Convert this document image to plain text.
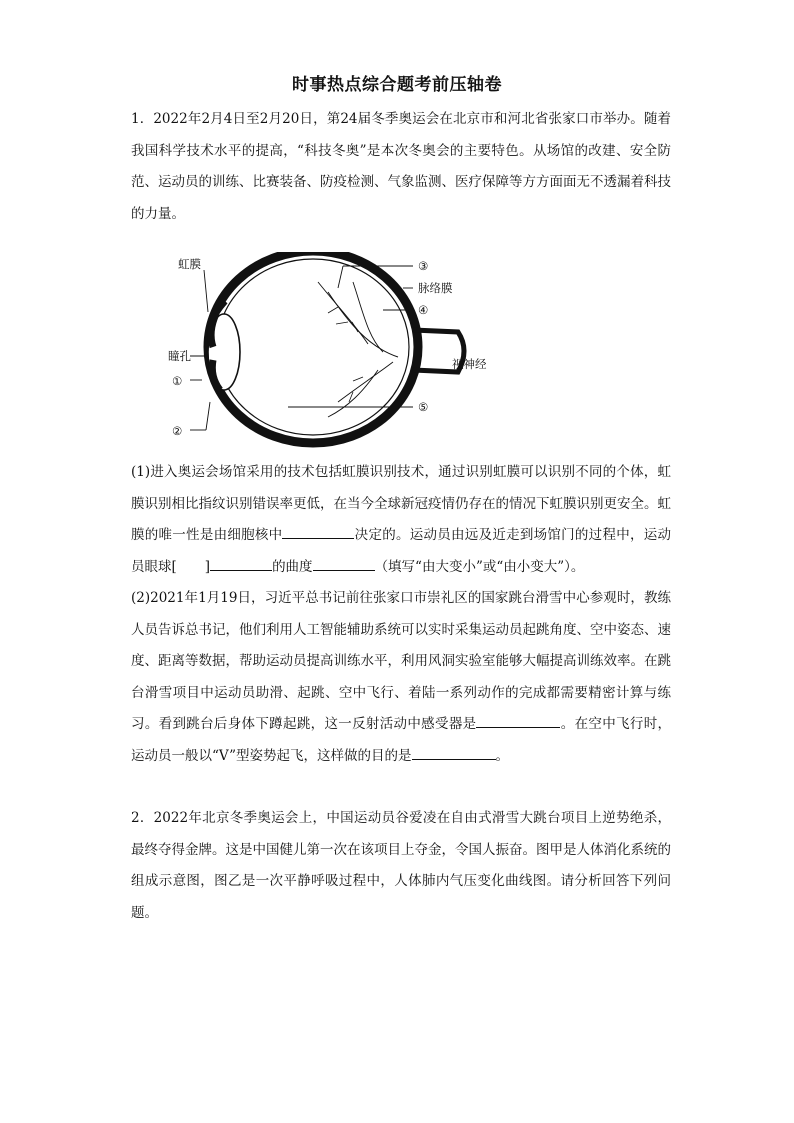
时事热点综合题考前压轴卷

1．2022年2月4日至2月20日，第24届冬季奥运会在北京市和河北省张家口市举办。随着我国科学技术水平的提高，“科技冬奥”是本次冬奥会的主要特色。从场馆的改建、安全防范、运动员的训练、比赛装备、防疫检测、气象监测、医疗保障等方方面面无不透漏着科技的力量。

虹膜
瞳孔
①
②
③
脉络膜
④
视神经
⑤

(1)进入奥运会场馆采用的技术包括虹膜识别技术，通过识别虹膜可以识别不同的个体，虹膜识别相比指纹识别错误率更低，在当今全球新冠疫情仍存在的情况下虹膜识别更安全。虹膜的唯一性是由细胞核中	决定的。运动员由远及近走到场馆门的过程中，运动员眼球[ ]	的曲度	（填写“由大变小”或“由小变大”）。

(2)2021年1月19日，习近平总书记前往张家口市崇礼区的国家跳台滑雪中心参观时，教练人员告诉总书记，他们利用人工智能辅助系统可以实时采集运动员起跳角度、空中姿态、速度、距离等数据，帮助运动员提高训练水平，利用风洞实验室能够大幅提高训练效率。在跳台滑雪项目中运动员助滑、起跳、空中飞行、着陆一系列动作的完成都需要精密计算与练习。看到跳台后身体下蹲起跳，这一反射活动中感受器是	。在空中飞行时，运动员一般以“V”型姿势起飞，这样做的目的是	。

2．2022年北京冬季奥运会上，中国运动员谷爱凌在自由式滑雪大跳台项目上逆势绝杀，最终夺得金牌。这是中国健儿第一次在该项目上夺金，令国人振奋。图甲是人体消化系统的组成示意图，图乙是一次平静呼吸过程中，人体肺内气压变化曲线图。请分析回答下列问题。
